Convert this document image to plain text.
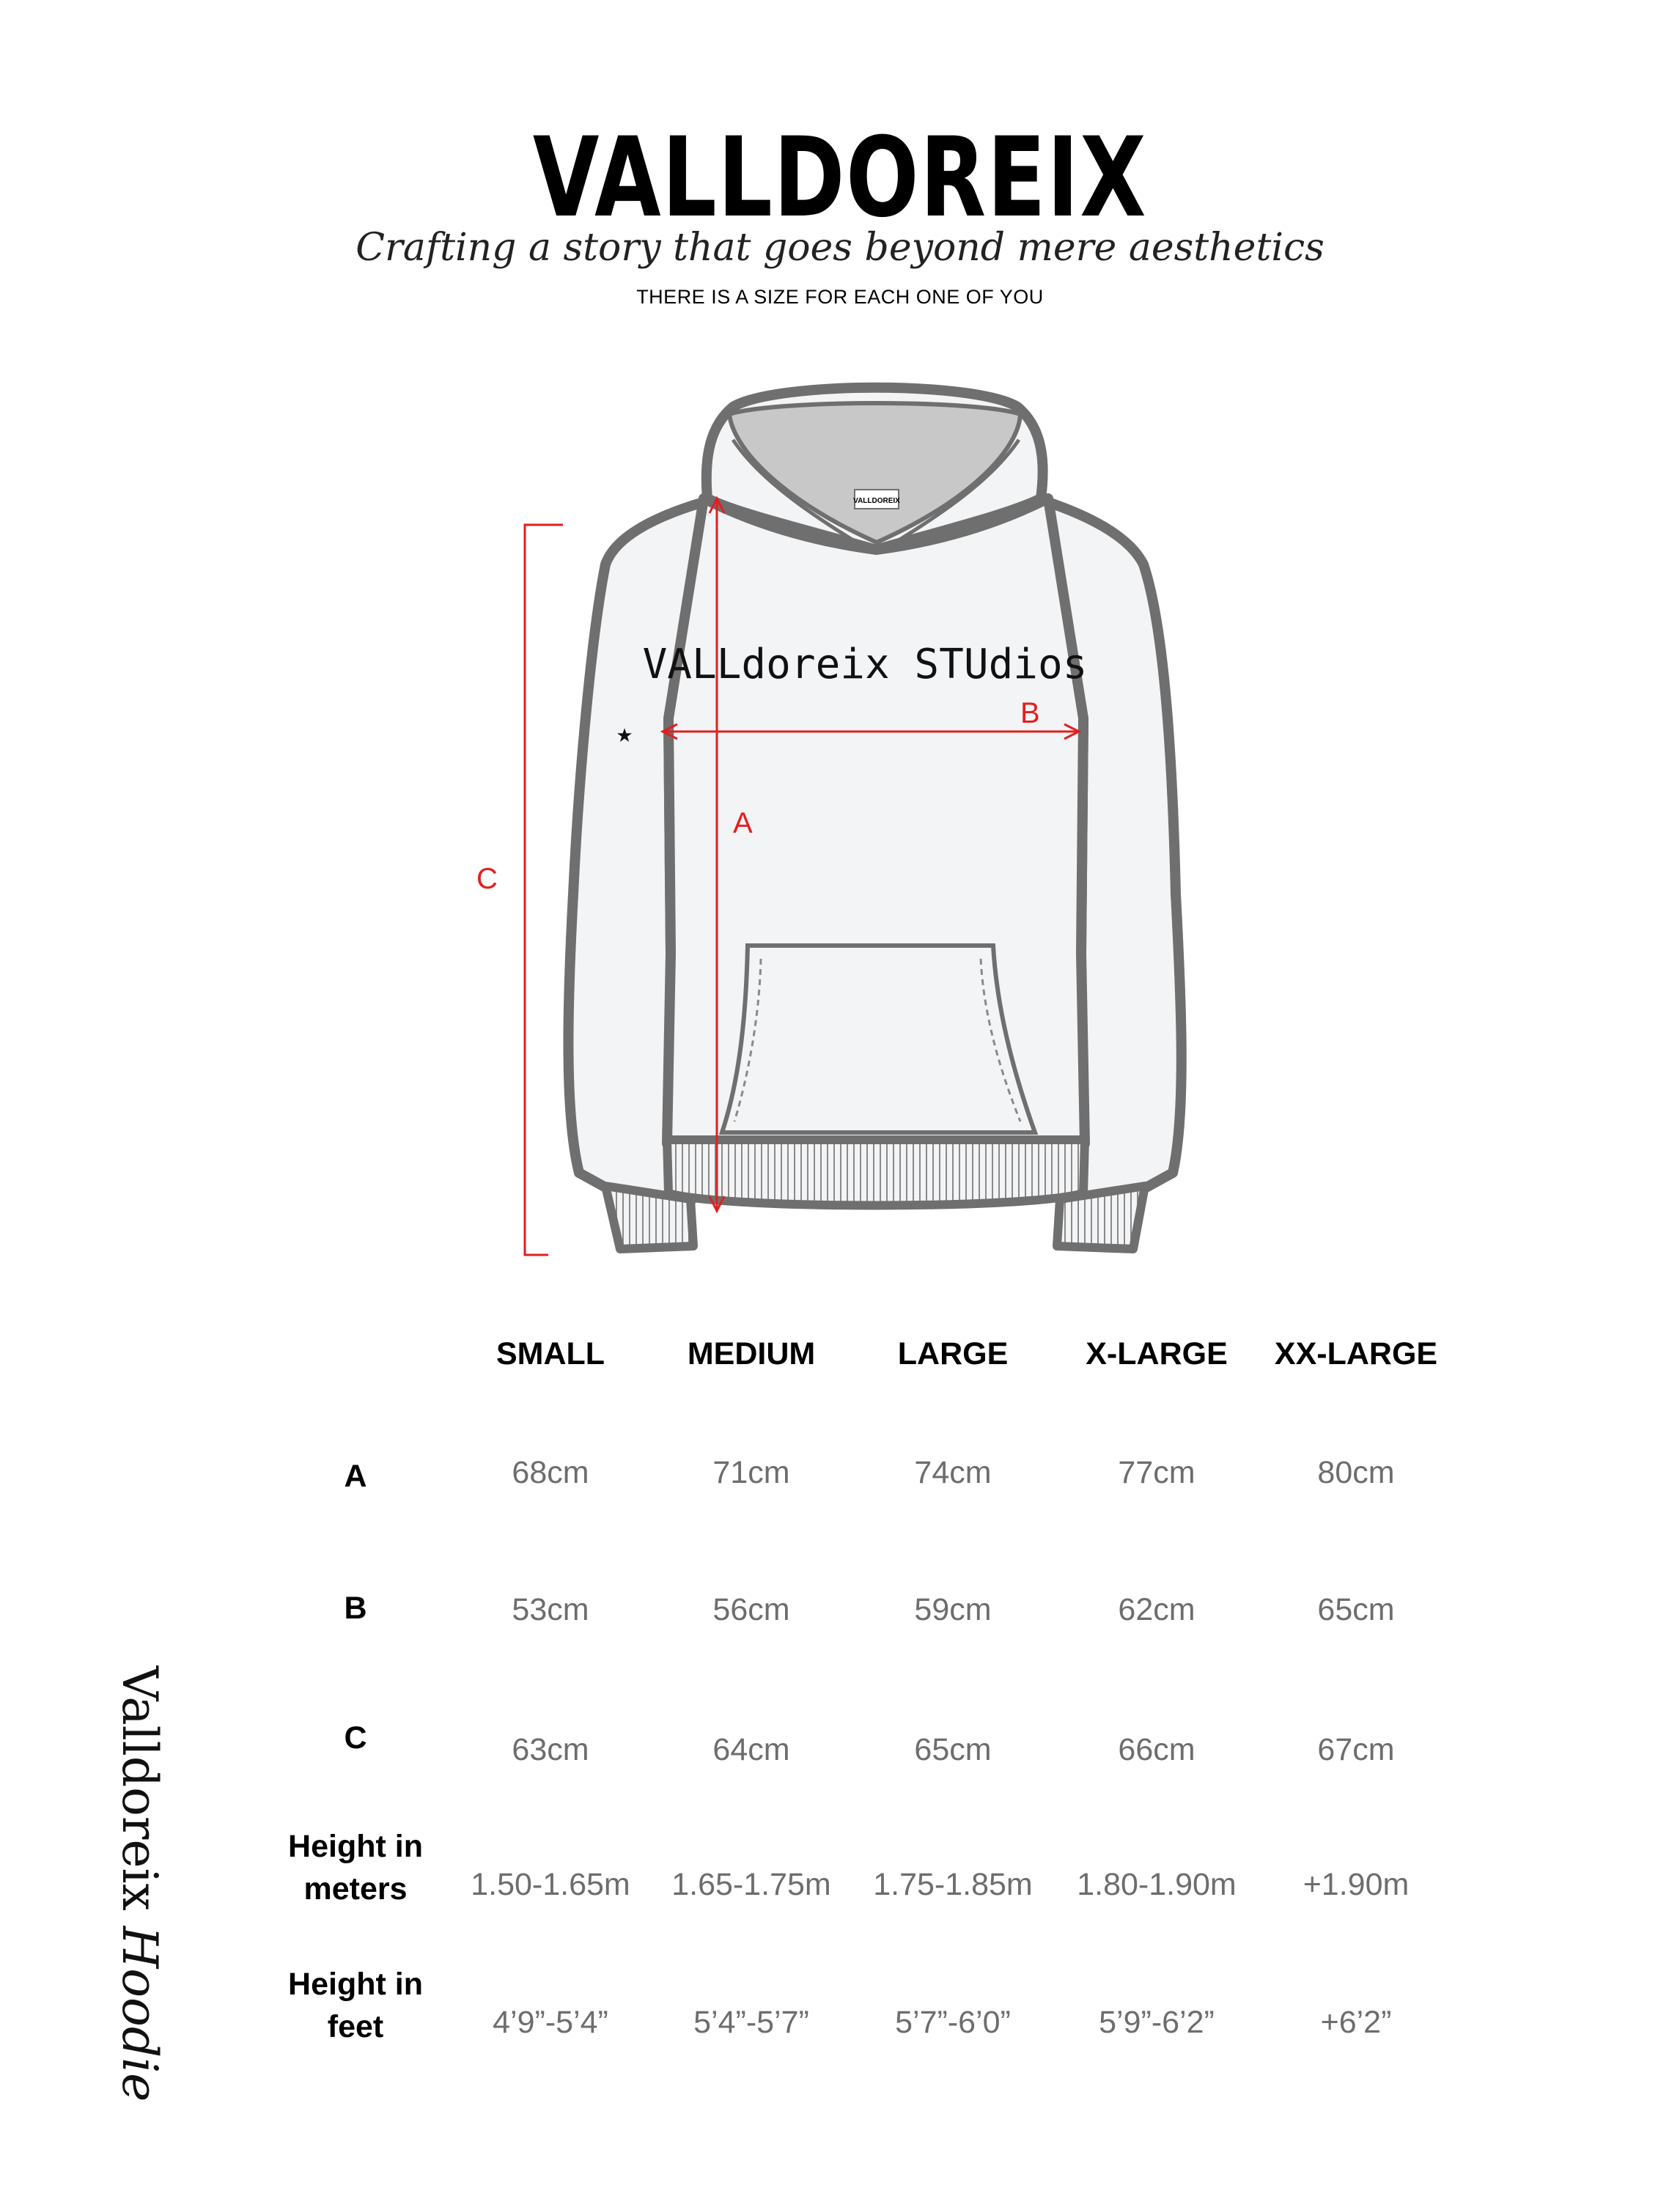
VALLDOREIX
Crafting a story that goes beyond mere aesthetics
THERE IS A SIZE FOR EACH ONE OF YOU
VALLDOREIX
VALLdoreix STUdios
★
A
B
C
SMALL	MEDIUM	LARGE	X-LARGE	XX-LARGE
A	68cm	71cm	74cm	77cm	80cm
B	53cm	56cm	59cm	62cm	65cm
C	63cm	64cm	65cm	66cm	67cm
Height in meters	1.50-1.65m	1.65-1.75m	1.75-1.85m	1.80-1.90m	+1.90m
Height in feet	4’9”-5’4”	5’4”-5’7”	5’7”-6’0”	5’9”-6’2”	+6’2”
Valldoreix Hoodie
